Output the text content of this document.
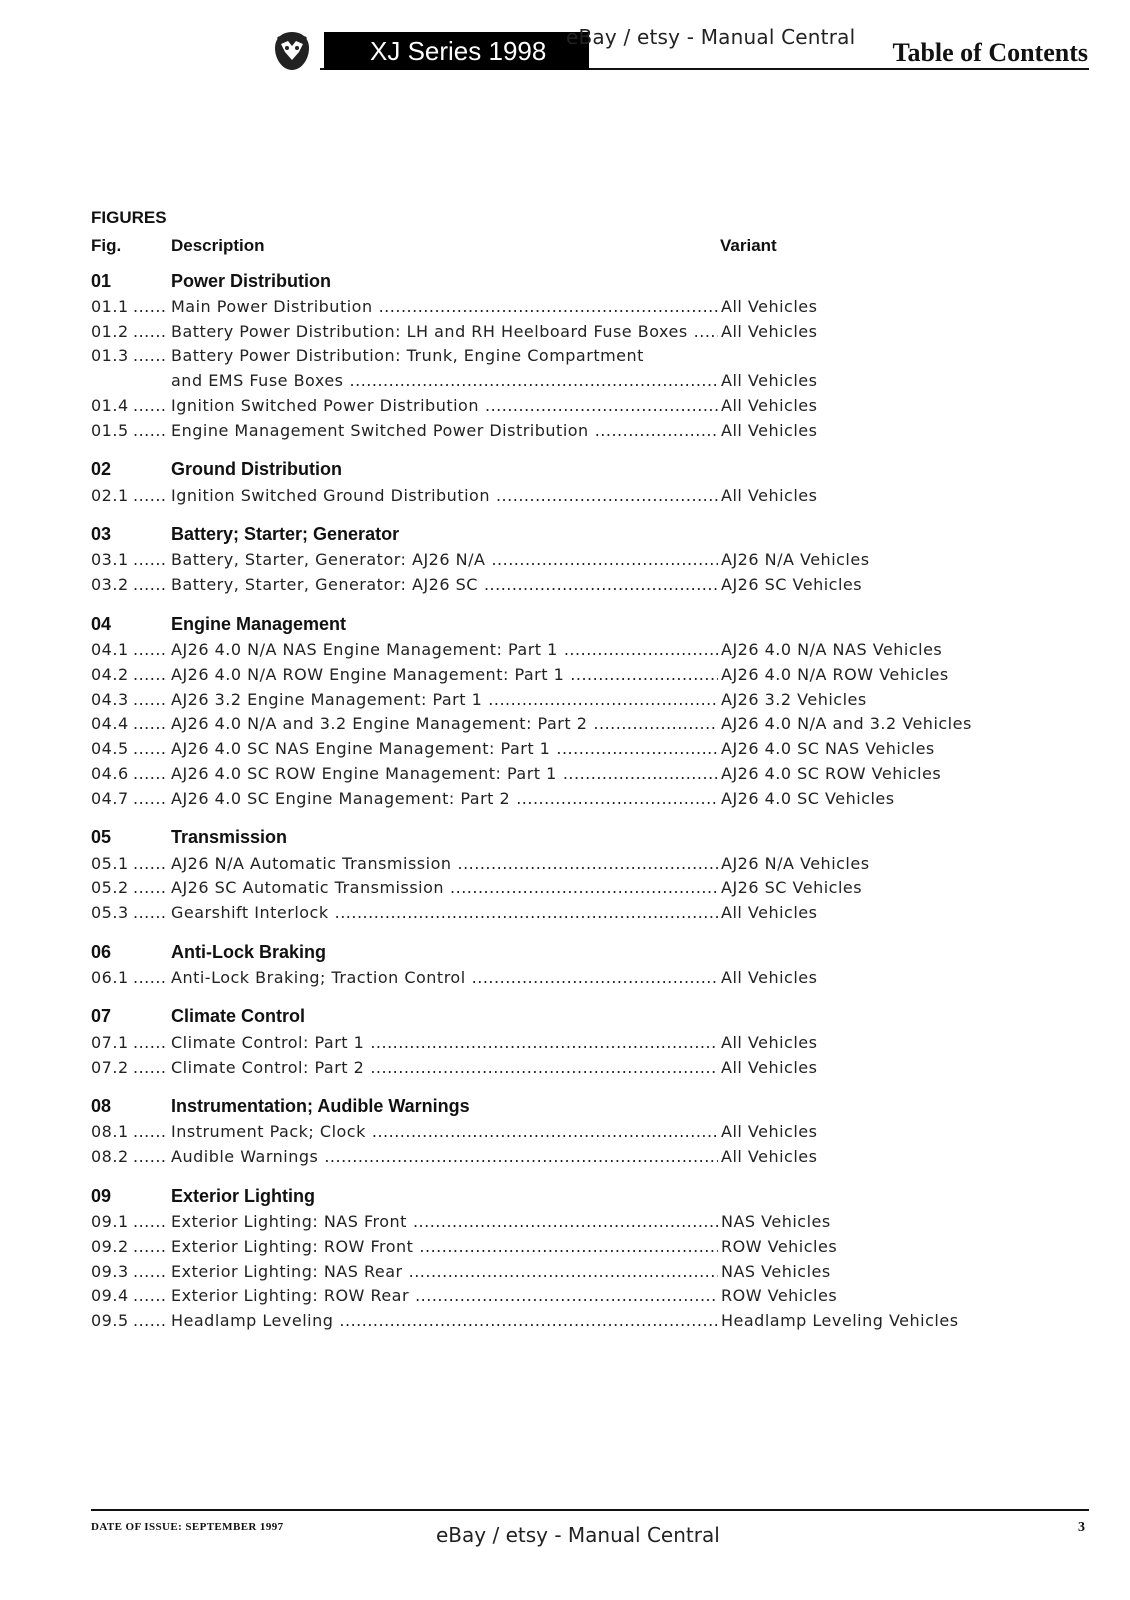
XJ Series 1998 eBay / etsy - Manual Central
Table of Contents
FIGURES
Fig.	Description	Variant
01	Power Distribution
01.1 ...... Main Power Distribution .....	All Vehicles
01.2 ...... Battery Power Distribution: LH and RH Heelboard Fuse Boxes ..... All Vehicles
01.3 ...... Battery Power Distribution: Trunk, Engine Compartment
and EMS Fuse Boxes .....	All Vehicles
01.4 ...... Ignition Switched Power Distribution .....	All Vehicles
01.5 ...... Engine Management Switched Power Distribution .....	All Vehicles
02	Ground Distribution
02.1 ...... Ignition Switched Ground Distribution .....	All Vehicles
03	Battery; Starter; Generator
03.1 ...... Battery, Starter, Generator: AJ26 N/A .....	AJ26 N/A Vehicles
03.2 ...... Battery, Starter, Generator: AJ26 SC .....	AJ26 SC Vehicles
04	Engine Management
04.1 ...... AJ26 4.0 N/A NAS Engine Management: Part 1 .....	AJ26 4.0 N/A NAS Vehicles
04.2 ...... AJ26 4.0 N/A ROW Engine Management: Part 1 .....	AJ26 4.0 N/A ROW Vehicles
04.3 ...... AJ26 3.2 Engine Management: Part 1 .....	AJ26 3.2 Vehicles
04.4 ...... AJ26 4.0 N/A and 3.2 Engine Management: Part 2 .....	AJ26 4.0 N/A and 3.2 Vehicles
04.5 ...... AJ26 4.0 SC NAS Engine Management: Part 1 .....	AJ26 4.0 SC NAS Vehicles
04.6 ...... AJ26 4.0 SC ROW Engine Management: Part 1 .....	AJ26 4.0 SC ROW Vehicles
04.7 ...... AJ26 4.0 SC Engine Management: Part 2 .....	AJ26 4.0 SC Vehicles
05	Transmission
05.1 ...... AJ26 N/A Automatic Transmission .....	AJ26 N/A Vehicles
05.2 ...... AJ26 SC Automatic Transmission .....	AJ26 SC Vehicles
05.3 ...... Gearshift Interlock .....	All Vehicles
06	Anti-Lock Braking
06.1 ...... Anti-Lock Braking; Traction Control .....	All Vehicles
07	Climate Control
07.1 ...... Climate Control: Part 1 .....	All Vehicles
07.2 ...... Climate Control: Part 2 .....	All Vehicles
08	Instrumentation; Audible Warnings
08.1 ...... Instrument Pack; Clock .....	All Vehicles
08.2 ...... Audible Warnings .....	All Vehicles
09	Exterior Lighting
09.1 ...... Exterior Lighting: NAS Front .....	NAS Vehicles
09.2 ...... Exterior Lighting: ROW Front .....	ROW Vehicles
09.3 ...... Exterior Lighting: NAS Rear .....	NAS Vehicles
09.4 ...... Exterior Lighting: ROW Rear .....	ROW Vehicles
09.5 ...... Headlamp Leveling .....	Headlamp Leveling Vehicles
DATE OF ISSUE: SEPTEMBER 1997	eBay / etsy - Manual Central	3
